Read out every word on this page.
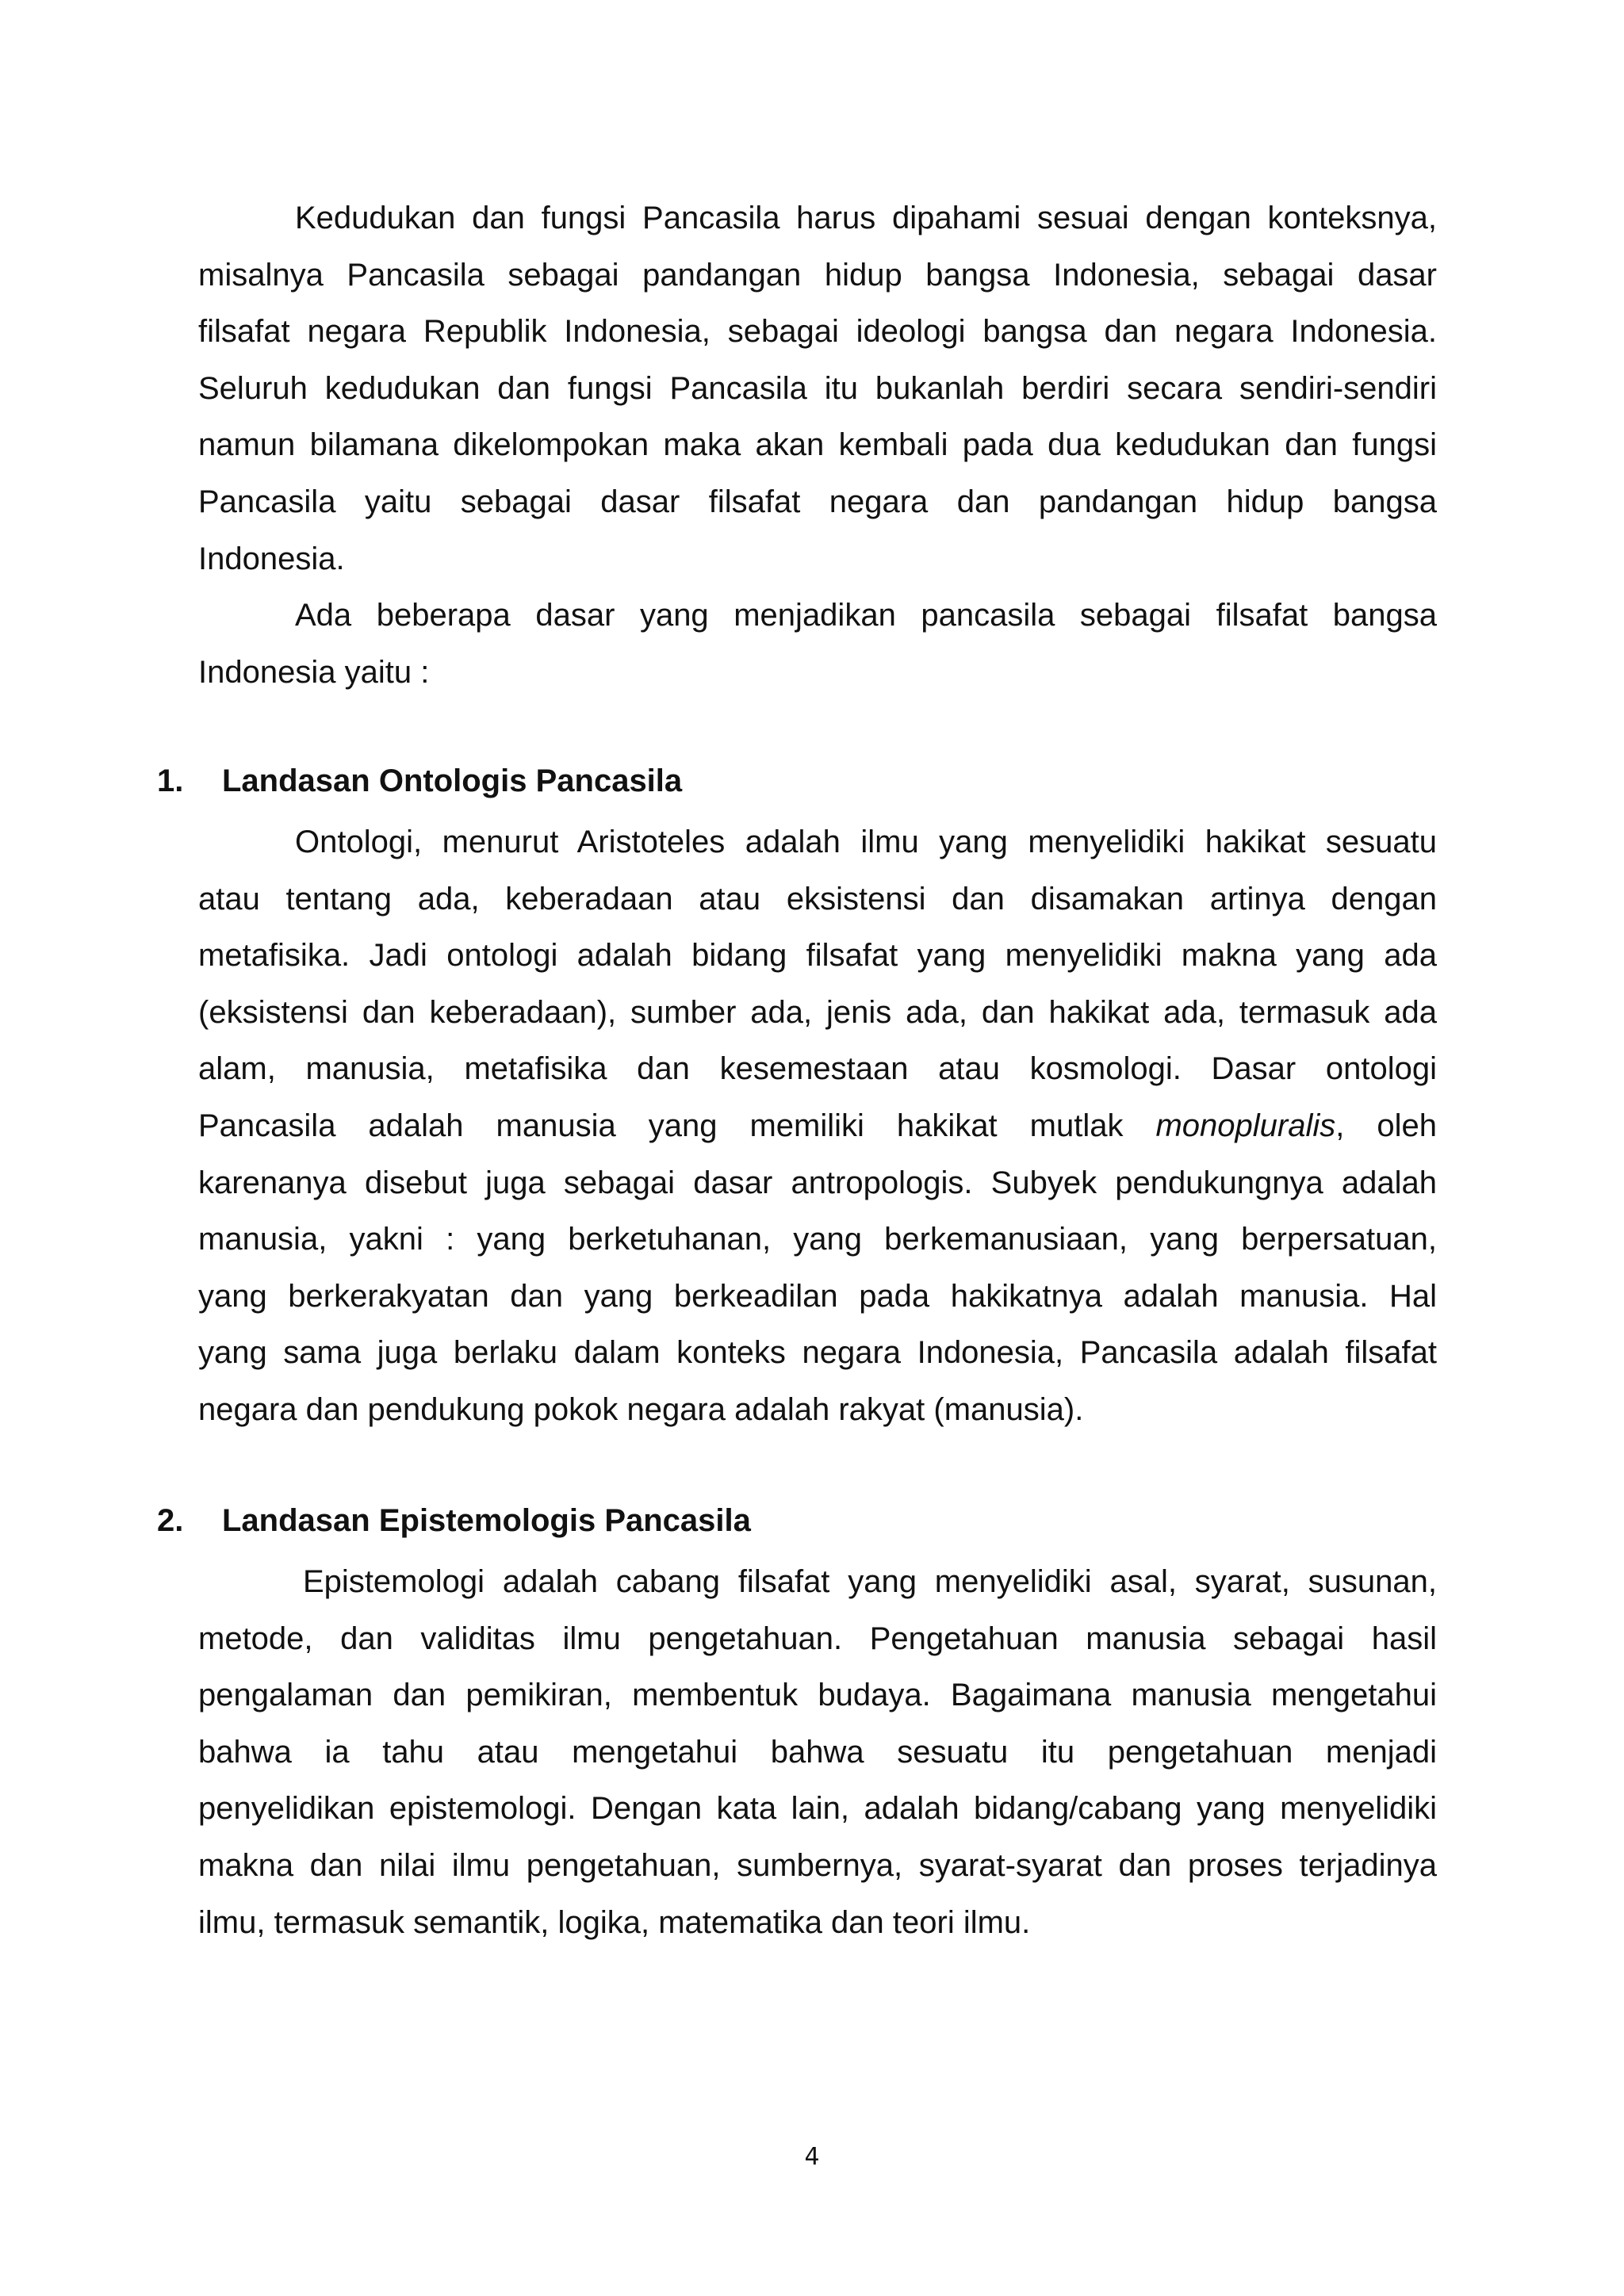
Kedudukan dan fungsi Pancasila harus dipahami sesuai dengan konteksnya,
misalnya Pancasila sebagai pandangan hidup bangsa Indonesia, sebagai dasar
filsafat negara Republik Indonesia, sebagai ideologi bangsa dan negara Indonesia.
Seluruh kedudukan dan fungsi Pancasila itu bukanlah berdiri secara sendiri-sendiri
namun bilamana dikelompokan maka akan kembali pada dua kedudukan dan fungsi
Pancasila yaitu sebagai dasar filsafat negara dan pandangan hidup bangsa
Indonesia.
Ada beberapa dasar yang menjadikan pancasila sebagai filsafat bangsa
Indonesia yaitu :
1. Landasan Ontologis Pancasila
Ontologi, menurut Aristoteles adalah ilmu yang menyelidiki hakikat sesuatu
atau tentang ada, keberadaan atau eksistensi dan disamakan artinya dengan
metafisika. Jadi ontologi adalah bidang filsafat yang menyelidiki makna yang ada
(eksistensi dan keberadaan), sumber ada, jenis ada, dan hakikat ada, termasuk ada
alam, manusia, metafisika dan kesemestaan atau kosmologi. Dasar ontologi
Pancasila adalah manusia yang memiliki hakikat mutlak monopluralis, oleh
karenanya disebut juga sebagai dasar antropologis. Subyek pendukungnya adalah
manusia, yakni : yang berketuhanan, yang berkemanusiaan, yang berpersatuan,
yang berkerakyatan dan yang berkeadilan pada hakikatnya adalah manusia. Hal
yang sama juga berlaku dalam konteks negara Indonesia, Pancasila adalah filsafat
negara dan pendukung pokok negara adalah rakyat (manusia).
2. Landasan Epistemologis Pancasila
Epistemologi adalah cabang filsafat yang menyelidiki asal, syarat, susunan,
metode, dan validitas ilmu pengetahuan. Pengetahuan manusia sebagai hasil
pengalaman dan pemikiran, membentuk budaya. Bagaimana manusia mengetahui
bahwa ia tahu atau mengetahui bahwa sesuatu itu pengetahuan menjadi
penyelidikan epistemologi. Dengan kata lain, adalah bidang/cabang yang menyelidiki
makna dan nilai ilmu pengetahuan, sumbernya, syarat-syarat dan proses terjadinya
ilmu, termasuk semantik, logika, matematika dan teori ilmu.
4
